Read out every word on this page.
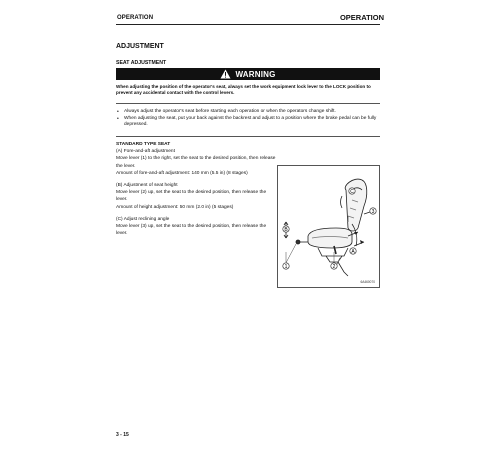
OPERATION	OPERATION
ADJUSTMENT
SEAT ADJUSTMENT
WARNING
When adjusting the position of the operator's seat, always set the work equipment lock lever to the LOCK position to prevent any accidental contact with the control levers.
• Always adjust the operator's seat before starting each operation or when the operators change shift.
• When adjusting the seat, put your back against the backrest and adjust to a position where the brake pedal can be fully depressed.

STANDARD TYPE SEAT

(A) Fore-and-aft adjustment

Move lever (1) to the right, set the seat to the desired position, then release the lever.

Amount of fore-and-aft adjustment: 140 mm (5.5 in) (8 stages)

(B) Adjustment of seat height

Move lever (2) up, set the seat to the desired position, then release the lever.

Amount of height adjustment: 50 mm (2.0 in) (5 stages)

(C) Adjust reclining angle

Move lever (3) up, set the seat to the desired position, then release the lever.

C
3
B
A
1	2
6A460070
3 - 15
